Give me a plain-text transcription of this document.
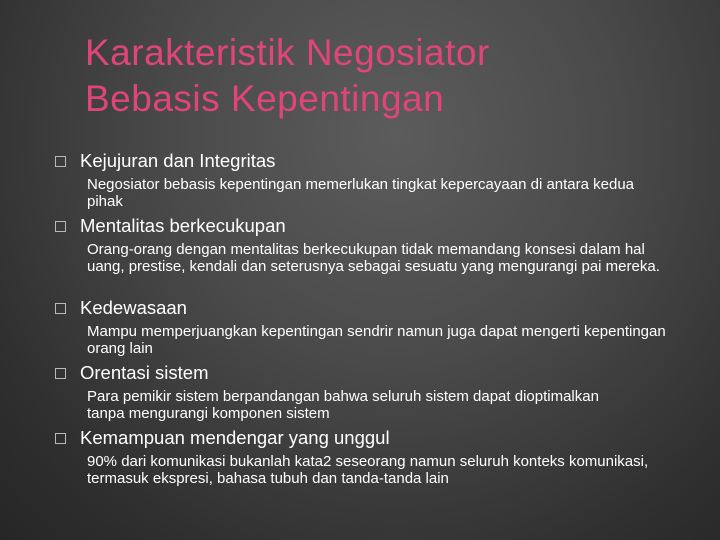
Karakteristik Negosiator
Bebasis Kepentingan
Kejujuran dan Integritas
Negosiator bebasis kepentingan memerlukan tingkat kepercayaan di antara kedua pihak
Mentalitas berkecukupan
Orang-orang dengan mentalitas berkecukupan tidak memandang konsesi dalam hal uang, prestise, kendali dan seterusnya sebagai sesuatu yang mengurangi pai mereka.
Kedewasaan
Mampu memperjuangkan kepentingan sendrir namun juga dapat mengerti kepentingan orang lain
Orentasi sistem
Para pemikir sistem berpandangan bahwa seluruh sistem dapat dioptimalkan tanpa mengurangi komponen sistem
Kemampuan mendengar yang unggul
90% dari komunikasi bukanlah kata2 seseorang namun seluruh konteks komunikasi, termasuk ekspresi, bahasa tubuh dan tanda-tanda lain
